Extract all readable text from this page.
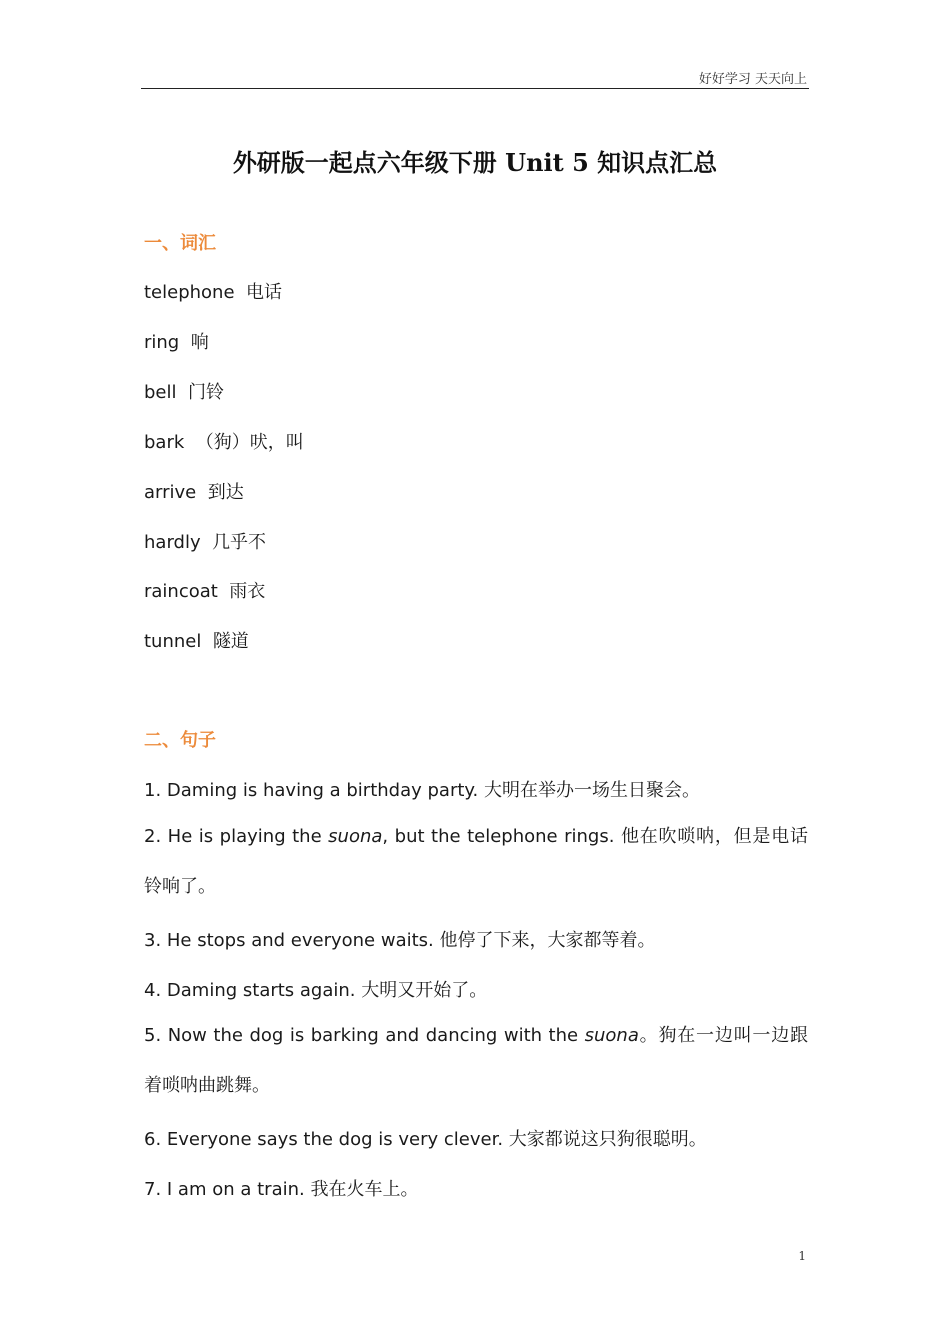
好好学习 天天向上
外研版一起点六年级下册 Unit 5 知识点汇总
一、词汇
telephone 电话
ring 响
bell 门铃
bark （狗）吠，叫
arrive 到达
hardly 几乎不
raincoat 雨衣
tunnel 隧道
二、句子
1. Daming is having a birthday party. 大明在举办一场生日聚会。
2. He is playing the suona, but the telephone rings. 他在吹唢呐，但是电话铃响了。
3. He stops and everyone waits. 他停了下来，大家都等着。
4. Daming starts again. 大明又开始了。
5. Now the dog is barking and dancing with the suona。狗在一边叫一边跟着唢呐曲跳舞。
6. Everyone says the dog is very clever. 大家都说这只狗很聪明。
7. I am on a train. 我在火车上。
1
